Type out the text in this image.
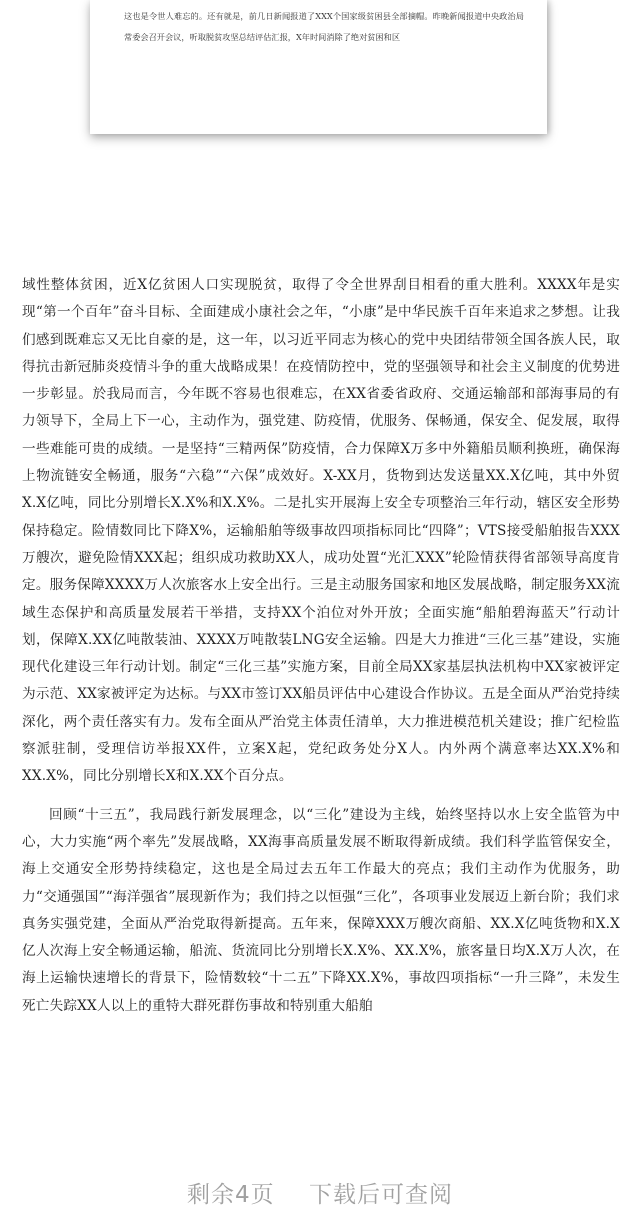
这也是令世人难忘的。还有就是，前几日新闻报道了XXX个国家级贫困县全部摘帽。昨晚新闻报道中央政治局常委会召开会议，听取脱贫攻坚总结评估汇报，X年时间消除了绝对贫困和区

域性整体贫困，近X亿贫困人口实现脱贫，取得了令全世界刮目相看的重大胜利。XXXX年是实现“第一个百年”奋斗目标、全面建成小康社会之年，“小康”是中华民族千百年来追求之梦想。让我们感到既难忘又无比自豪的是，这一年，以习近平同志为核心的党中央团结带领全国各族人民，取得抗击新冠肺炎疫情斗争的重大战略成果！在疫情防控中，党的坚强领导和社会主义制度的优势进一步彰显。於我局而言，今年既不容易也很难忘，在XX省委省政府、交通运输部和部海事局的有力领导下，全局上下一心，主动作为，强党建、防疫情，优服务、保畅通，保安全、促发展，取得一些难能可贵的成绩。一是坚持“三精两保”防疫情，合力保障X万多中外籍船员顺利换班，确保海上物流链安全畅通，服务“六稳”“六保”成效好。X-XX月，货物到达发送量XX.X亿吨，其中外贸X.X亿吨，同比分别增长X.X%和X.X%。二是扎实开展海上安全专项整治三年行动，辖区安全形势保持稳定。险情数同比下降X%，运输船舶等级事故四项指标同比“四降”；VTS接受船舶报告XXX万艘次，避免险情XXX起；组织成功救助XX人，成功处置“光汇XXX”轮险情获得省部领导高度肯定。服务保障XXXX万人次旅客水上安全出行。三是主动服务国家和地区发展战略，制定服务XX流域生态保护和高质量发展若干举措，支持XX个泊位对外开放；全面实施“船舶碧海蓝天”行动计划，保障X.XX亿吨散装油、XXXX万吨散装LNG安全运输。四是大力推进“三化三基”建设，实施现代化建设三年行动计划。制定“三化三基”实施方案，目前全局XX家基层执法机构中XX家被评定为示范、XX家被评定为达标。与XX市签订XX船员评估中心建设合作协议。五是全面从严治党持续深化，两个责任落实有力。发布全面从严治党主体责任清单，大力推进模范机关建设；推广纪检监察派驻制，受理信访举报XX件，立案X起，党纪政务处分X人。内外两个满意率达XX.X%和XX.X%，同比分别增长X和X.XX个百分点。

回顾“十三五”，我局践行新发展理念，以“三化”建设为主线，始终坚持以水上安全监管为中心，大力实施“两个率先”发展战略，XX海事高质量发展不断取得新成绩。我们科学监管保安全，海上交通安全形势持续稳定，这也是全局过去五年工作最大的亮点；我们主动作为优服务，助力“交通强国”“海洋强省”展现新作为；我们持之以恒强“三化”，各项事业发展迈上新台阶；我们求真务实强党建，全面从严治党取得新提高。五年来，保障XXX万艘次商船、XX.X亿吨货物和X.X亿人次海上安全畅通运输，船流、货流同比分别增长X.X%、XX.X%，旅客量日均X.X万人次，在海上运输快速增长的背景下，险情数较“十二五”下降XX.X%，事故四项指标“一升三降”，未发生死亡失踪XX人以上的重特大群死群伤事故和特别重大船舶

剩余4页 下载后可查阅
